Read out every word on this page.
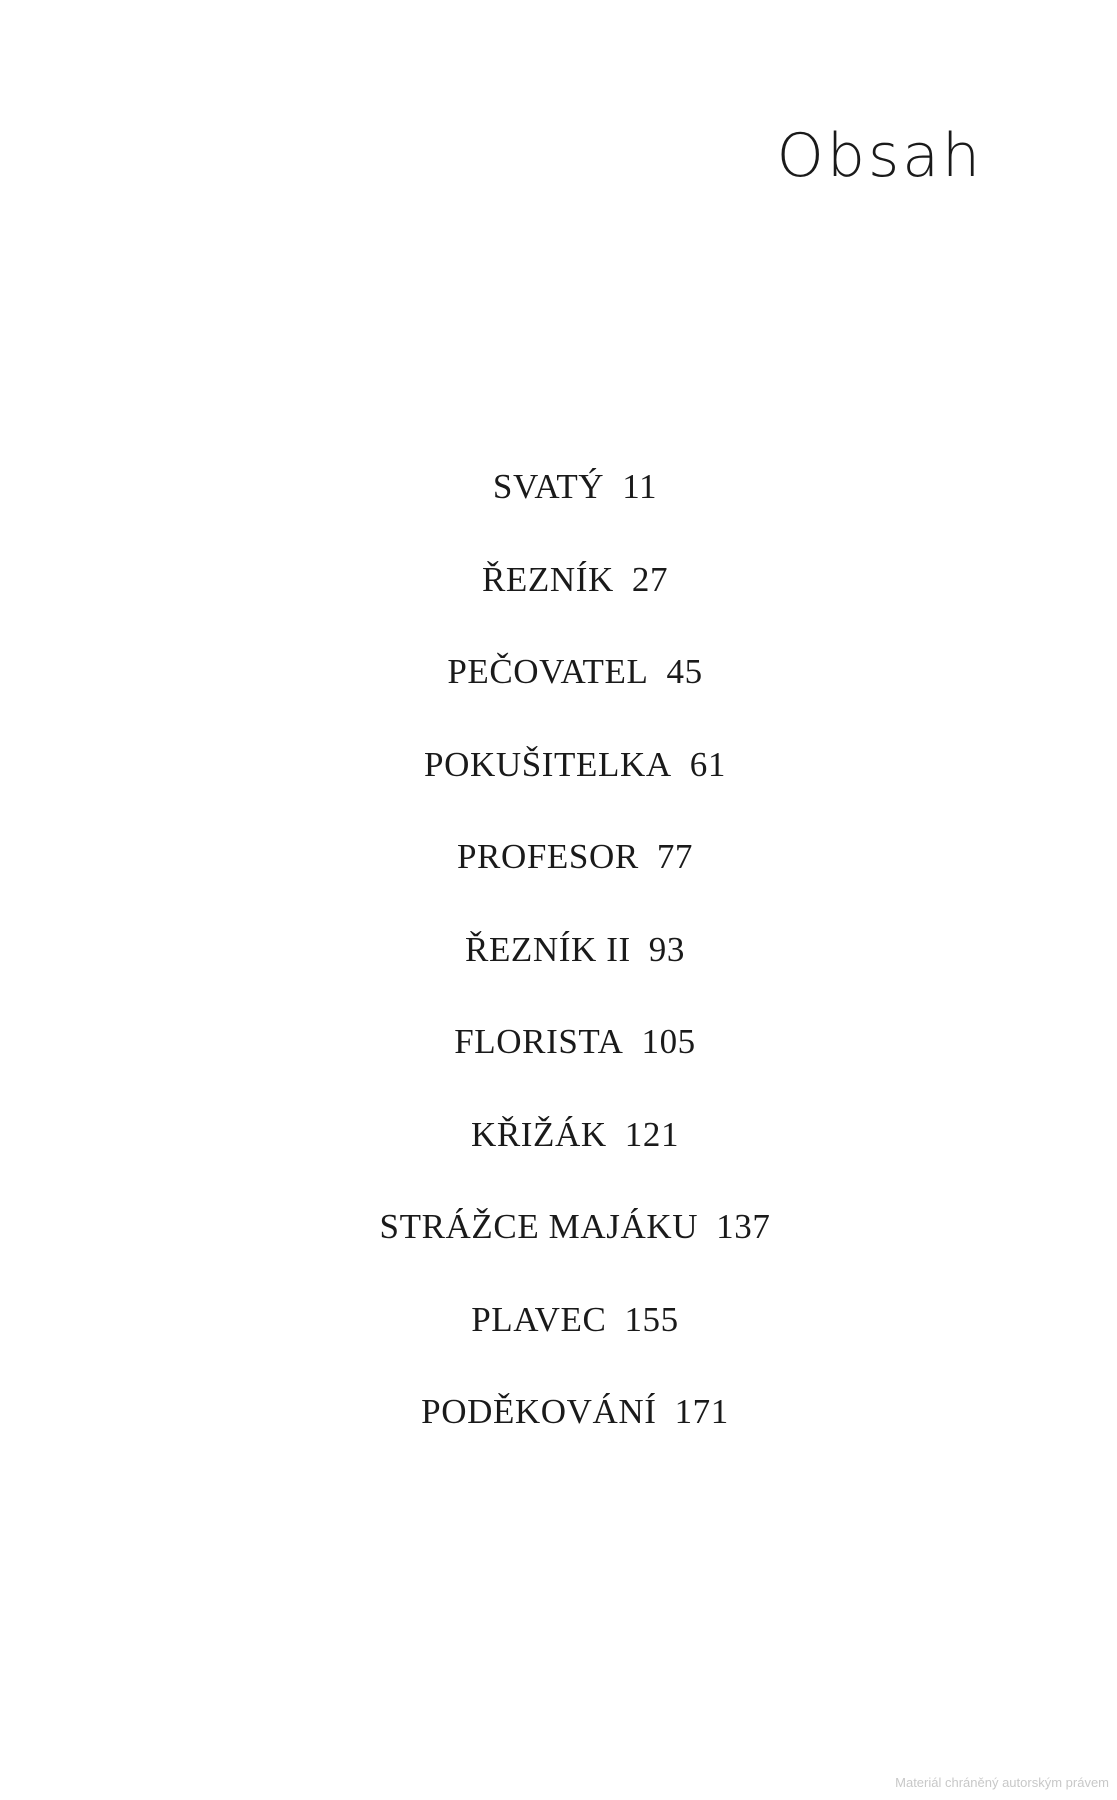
Obsah
SVATÝ 11
ŘEZNÍK 27
PEČOVATEL 45
POKUŠITELKA 61
PROFESOR 77
ŘEZNÍK II 93
FLORISTA 105
KŘIŽÁK 121
STRÁŽCE MAJÁKU 137
PLAVEC 155
PODĚKOVÁNÍ 171
Materiál chráněný autorským právem
